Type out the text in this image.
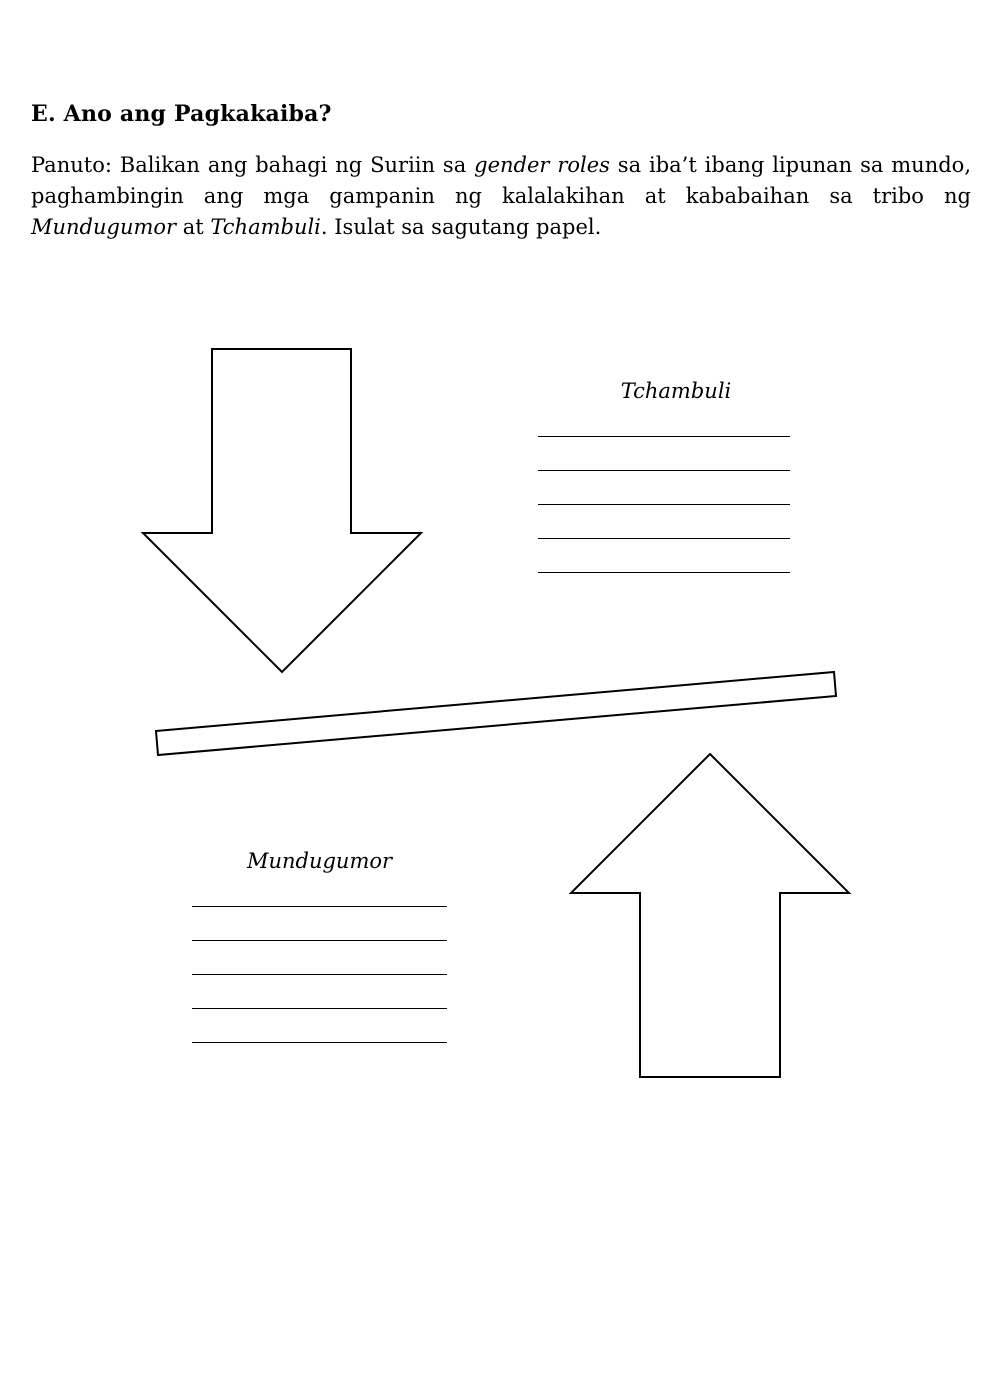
E. Ano ang Pagkakaiba?

Panuto: Balikan ang bahagi ng Suriin sa gender roles sa iba’t ibang lipunan sa mundo, paghambingin ang mga gampanin ng kalalakihan at kababaihan sa tribo ng Mundugumor at Tchambuli. Isulat sa sagutang papel.

Tchambuli

Mundugumor
